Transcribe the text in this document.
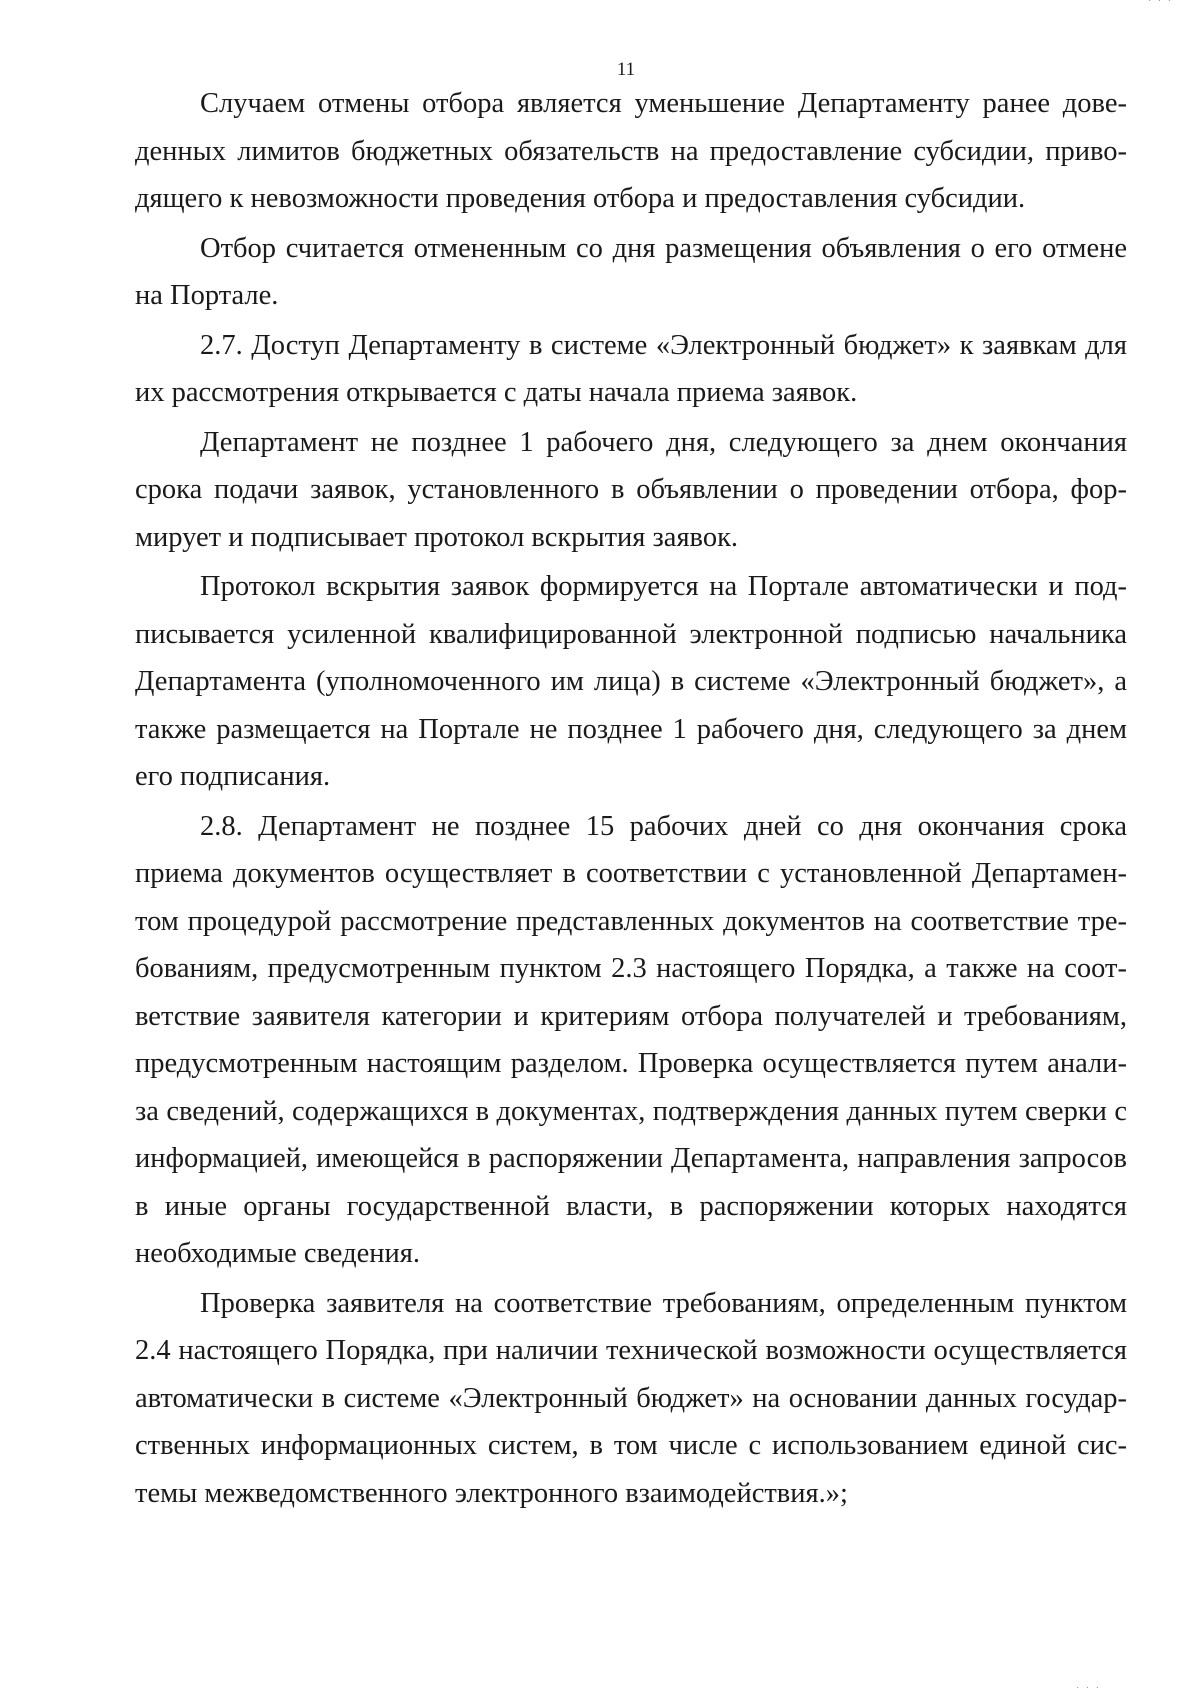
11

Случаем отмены отбора является уменьшение Департаменту ранее доведенных лимитов бюджетных обязательств на предоставление субсидии, приводящего к невозможности проведения отбора и предоставления субсидии.

Отбор считается отмененным со дня размещения объявления о его отмене на Портале.

2.7. Доступ Департаменту в системе «Электронный бюджет» к заявкам для их рассмотрения открывается с даты начала приема заявок.

Департамент не позднее 1 рабочего дня, следующего за днем окончания срока подачи заявок, установленного в объявлении о проведении отбора, формирует и подписывает протокол вскрытия заявок.

Протокол вскрытия заявок формируется на Портале автоматически и подписывается усиленной квалифицированной электронной подписью начальника Департамента (уполномоченного им лица) в системе «Электронный бюджет», а также размещается на Портале не позднее 1 рабочего дня, следующего за днем его подписания.

2.8. Департамент не позднее 15 рабочих дней со дня окончания срока приема документов осуществляет в соответствии с установленной Департаментом процедурой рассмотрение представленных документов на соответствие требованиям, предусмотренным пунктом 2.3 настоящего Порядка, а также на соответствие заявителя категории и критериям отбора получателей и требованиям, предусмотренным настоящим разделом. Проверка осуществляется путем анализа сведений, содержащихся в документах, подтверждения данных путем сверки с информацией, имеющейся в распоряжении Департамента, направления запросов в иные органы государственной власти, в распоряжении которых находятся необходимые сведения.

Проверка заявителя на соответствие требованиям, определенным пунктом 2.4 настоящего Порядка, при наличии технической возможности осуществляется автоматически в системе «Электронный бюджет» на основании данных государственных информационных систем, в том числе с использованием единой системы межведомственного электронного взаимодействия.»;

˙ ˙ ˙
˙ ˙ ˙
